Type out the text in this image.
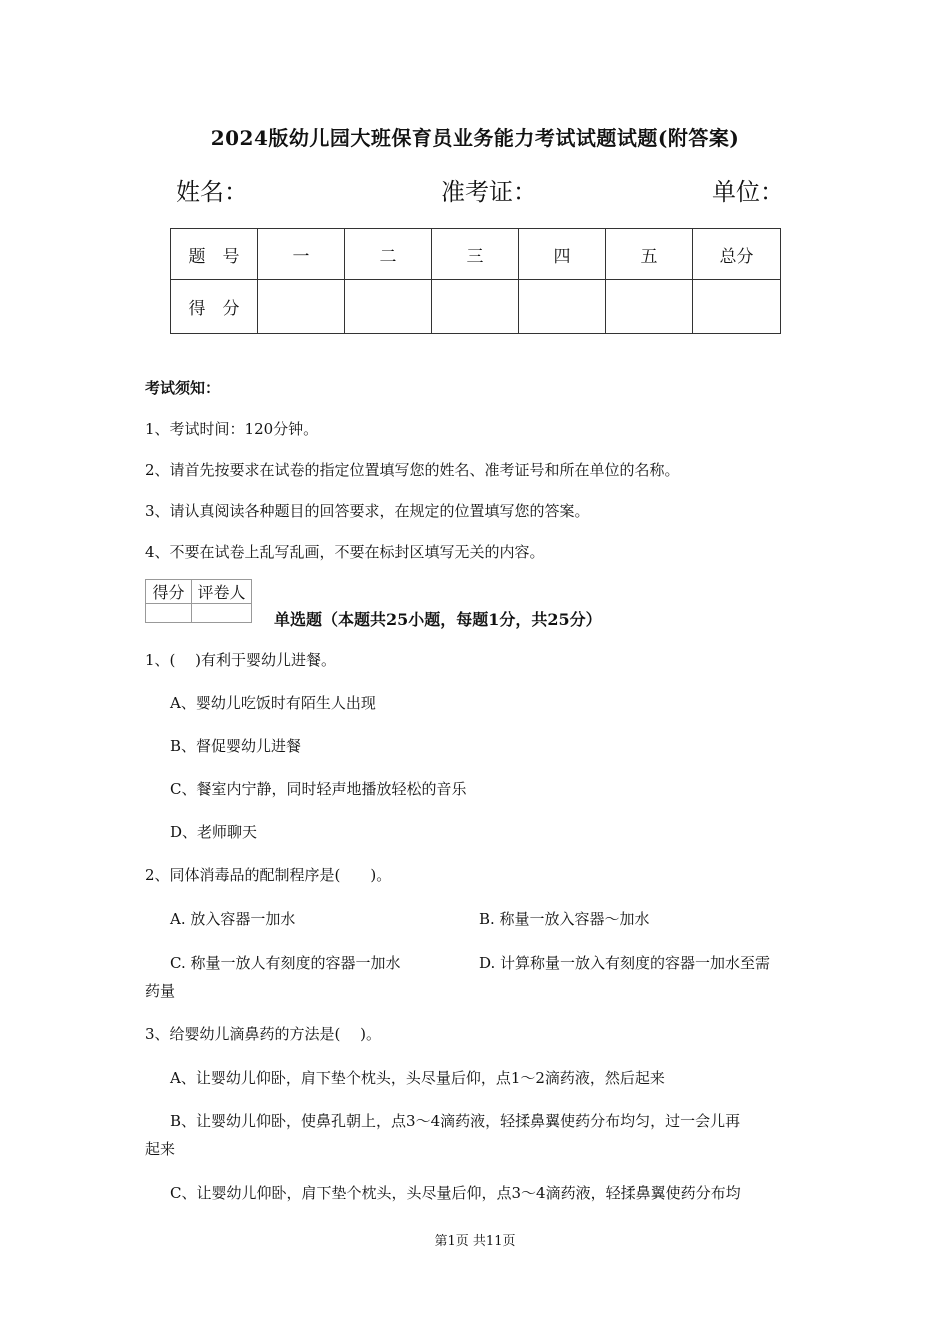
2024版幼儿园大班保育员业务能力考试试题试题(附答案)
姓名：	准考证：	单位：
题　号	一	二	三	四	五	总分
得　分						
考试须知：
1、考试时间：120分钟。
2、请首先按要求在试卷的指定位置填写您的姓名、准考证号和所在单位的名称。
3、请认真阅读各种题目的回答要求，在规定的位置填写您的答案。
4、不要在试卷上乱写乱画，不要在标封区填写无关的内容。
得分	评卷人

单选题（本题共25小题，每题1分，共25分）
1、(　 )有利于婴幼儿进餐。
A、婴幼儿吃饭时有陌生人出现
B、督促婴幼儿进餐
C、餐室内宁静，同时轻声地播放轻松的音乐
D、老师聊天
2、同体消毒品的配制程序是(　　)。
A. 放入容器一加水	B. 称量一放入容器～加水
C. 称量一放人有刻度的容器一加水	D. 计算称量一放入有刻度的容器一加水至需
药量
3、给婴幼儿滴鼻药的方法是(　 )。
A、让婴幼儿仰卧，肩下垫个枕头，头尽量后仰，点1～2滴药液，然后起来
B、让婴幼儿仰卧，使鼻孔朝上，点3～4滴药液，轻揉鼻翼使药分布均匀，过一会儿再
起来
C、让婴幼儿仰卧，肩下垫个枕头，头尽量后仰，点3～4滴药液，轻揉鼻翼使药分布均
第1页 共11页
